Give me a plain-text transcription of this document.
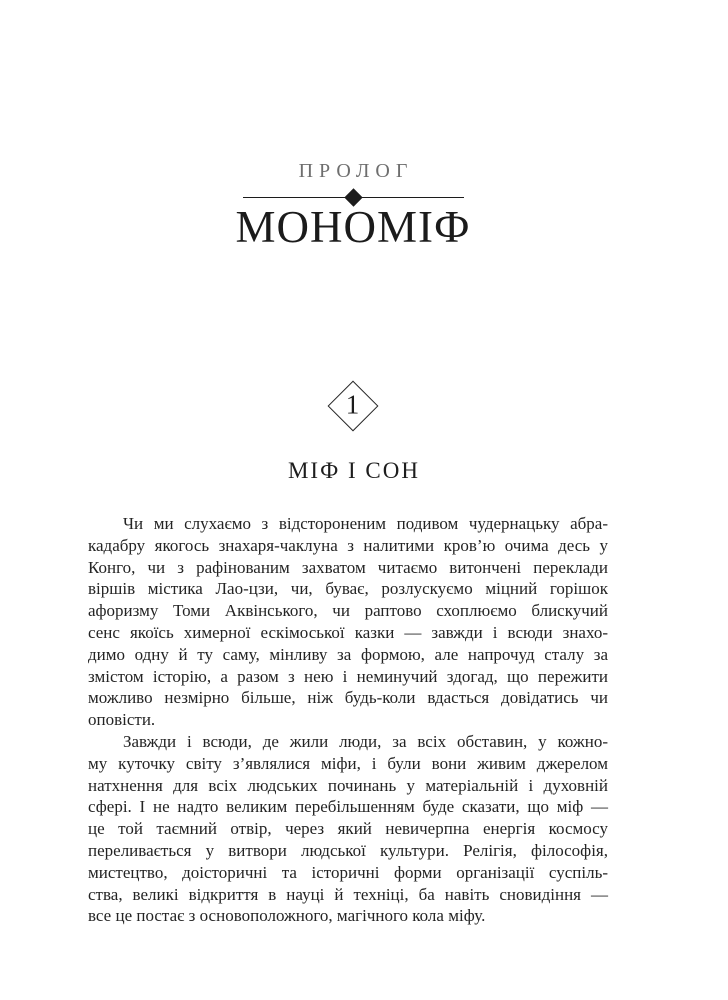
ПРОЛОГ
МОНОМІФ
1
МІФ І СОН

Чи ми слухаємо з відстороненим подивом чудернацьку абра-
кадабру якогось знахаря-чаклуна з налитими кров’ю очима десь у
Конго, чи з рафінованим захватом читаємо витончені переклади
віршів містика Лао-цзи, чи, буває, розлускуємо міцний горішок
афоризму Томи Аквінського, чи раптово схоплюємо блискучий
сенс якоїсь химерної ескімоської казки — завжди і всюди знахо-
димо одну й ту саму, мінливу за формою, але напрочуд сталу за
змістом історію, а разом з нею і неминучий здогад, що пережити
можливо незмірно більше, ніж будь-коли вдасться довідатись чи
оповісти.

Завжди і всюди, де жили люди, за всіх обставин, у кожно-
му куточку світу з’являлися міфи, і були вони живим джерелом
натхнення для всіх людських починань у матеріальній і духовній
сфері. І не надто великим перебільшенням буде сказати, що міф —
це той таємний отвір, через який невичерпна енергія космосу
переливається у витвори людської культури. Релігія, філософія,
мистецтво, доісторичні та історичні форми організації суспіль-
ства, великі відкриття в науці й техніці, ба навіть сновидіння —
все це постає з основоположного, магічного кола міфу.
